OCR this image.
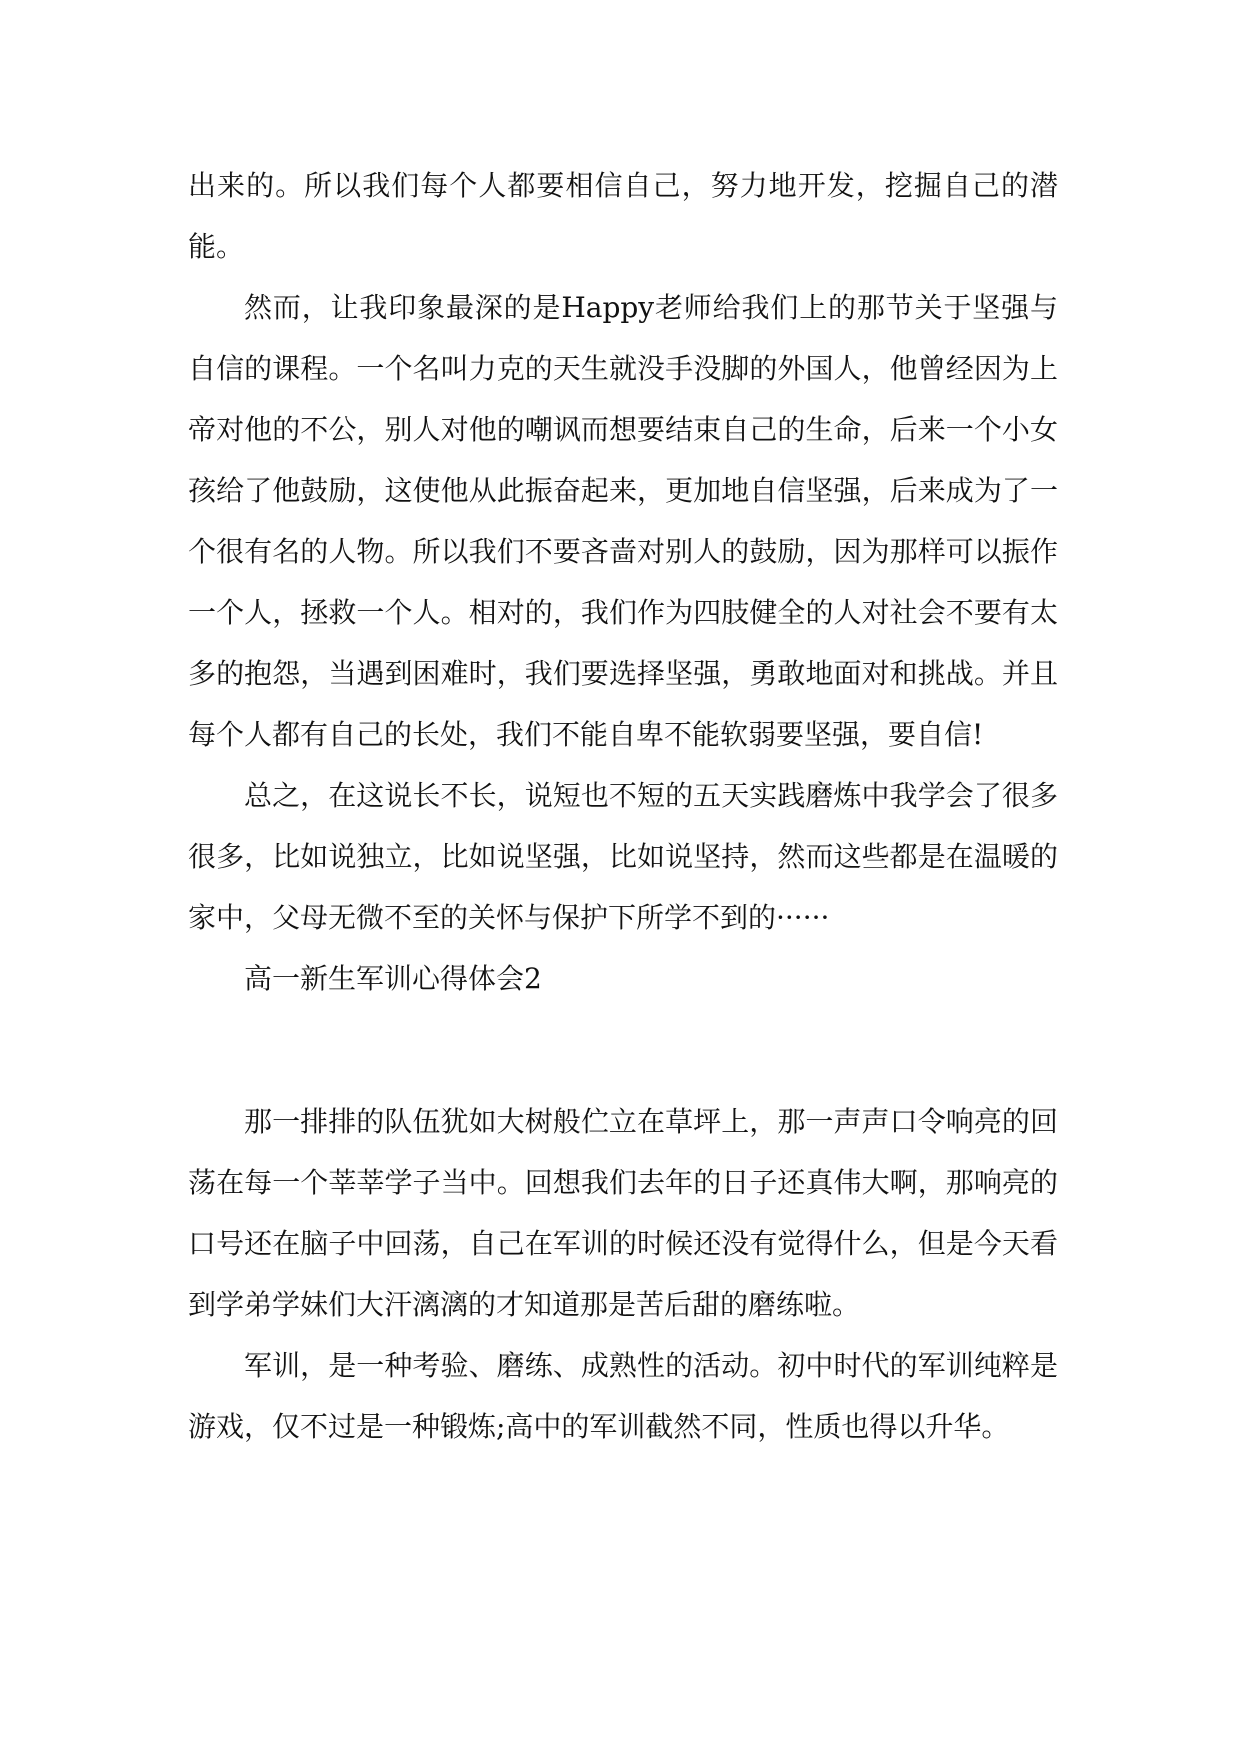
出来的。所以我们每个人都要相信自己，努力地开发，挖掘自己的潜能。

然而，让我印象最深的是Happy老师给我们上的那节关于坚强与自信的课程。一个名叫力克的天生就没手没脚的外国人，他曾经因为上帝对他的不公，别人对他的嘲讽而想要结束自己的生命，后来一个小女孩给了他鼓励，这使他从此振奋起来，更加地自信坚强，后来成为了一个很有名的人物。所以我们不要吝啬对别人的鼓励，因为那样可以振作一个人，拯救一个人。相对的，我们作为四肢健全的人对社会不要有太多的抱怨，当遇到困难时，我们要选择坚强，勇敢地面对和挑战。并且每个人都有自己的长处，我们不能自卑不能软弱要坚强，要自信!

总之，在这说长不长，说短也不短的五天实践磨炼中我学会了很多很多，比如说独立，比如说坚强，比如说坚持，然而这些都是在温暖的家中，父母无微不至的关怀与保护下所学不到的······

高一新生军训心得体会2

那一排排的队伍犹如大树般伫立在草坪上，那一声声口令响亮的回荡在每一个莘莘学子当中。回想我们去年的日子还真伟大啊，那响亮的口号还在脑子中回荡，自己在军训的时候还没有觉得什么，但是今天看到学弟学妹们大汗漓漓的才知道那是苦后甜的磨练啦。

军训，是一种考验、磨练、成熟性的活动。初中时代的军训纯粹是游戏，仅不过是一种锻炼;高中的军训截然不同，性质也得以升华。
